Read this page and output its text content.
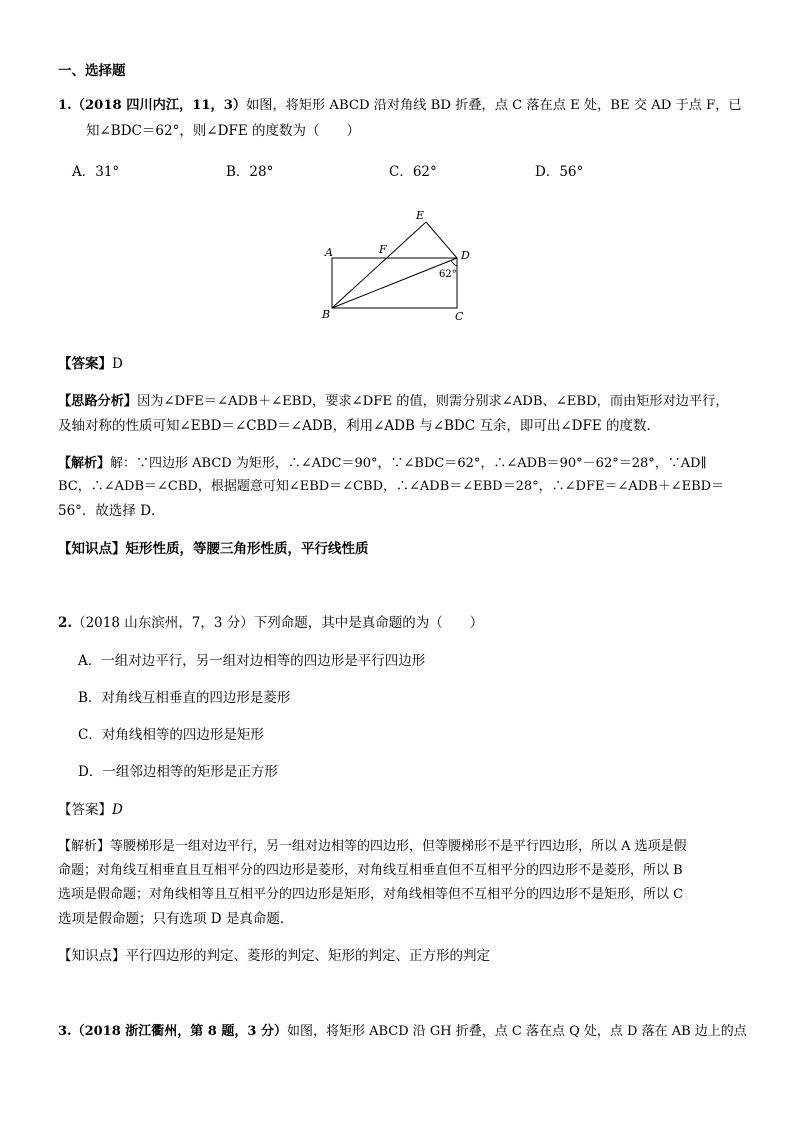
一、选择题
1.（2018 四川内江，11，3）如图，将矩形 ABCD 沿对角线 BD 折叠，点 C 落在点 E 处，BE 交 AD 于点 F，已
知∠BDC＝62°，则∠DFE 的度数为（　　）
A．31°	B．28°	C．62°	D．56°
E
A	F	D
B	C
62°
【答案】D
【思路分析】因为∠DFE＝∠ADB＋∠EBD，要求∠DFE 的值，则需分别求∠ADB、∠EBD，而由矩形对边平行，
及轴对称的性质可知∠EBD＝∠CBD＝∠ADB，利用∠ADB 与∠BDC 互余，即可出∠DFE 的度数．
【解析】解：∵四边形 ABCD 为矩形，∴∠ADC＝90°，∵∠BDC＝62°，∴∠ADB＝90°－62°＝28°，∵AD∥
BC，∴∠ADB＝∠CBD，根据题意可知∠EBD＝∠CBD，∴∠ADB＝∠EBD＝28°，∴∠DFE＝∠ADB＋∠EBD＝
56°．故选择 D．
【知识点】矩形性质，等腰三角形性质，平行线性质
2.（2018 山东滨州，7，3 分）下列命题，其中是真命题的为（　　）
A．一组对边平行，另一组对边相等的四边形是平行四边形
B．对角线互相垂直的四边形是菱形
C．对角线相等的四边形是矩形
D．一组邻边相等的矩形是正方形
【答案】D
【解析】等腰梯形是一组对边平行，另一组对边相等的四边形，但等腰梯形不是平行四边形，所以 A 选项是假
命题；对角线互相垂直且互相平分的四边形是菱形，对角线互相垂直但不互相平分的四边形不是菱形，所以 B
选项是假命题；对角线相等且互相平分的四边形是矩形，对角线相等但不互相平分的四边形不是矩形，所以 C
选项是假命题；只有选项 D 是真命题．
【知识点】平行四边形的判定、菱形的判定、矩形的判定、正方形的判定
3.（2018 浙江衢州，第 8 题，3 分）如图，将矩形 ABCD 沿 GH 折叠，点 C 落在点 Q 处，点 D 落在 AB 边上的点
